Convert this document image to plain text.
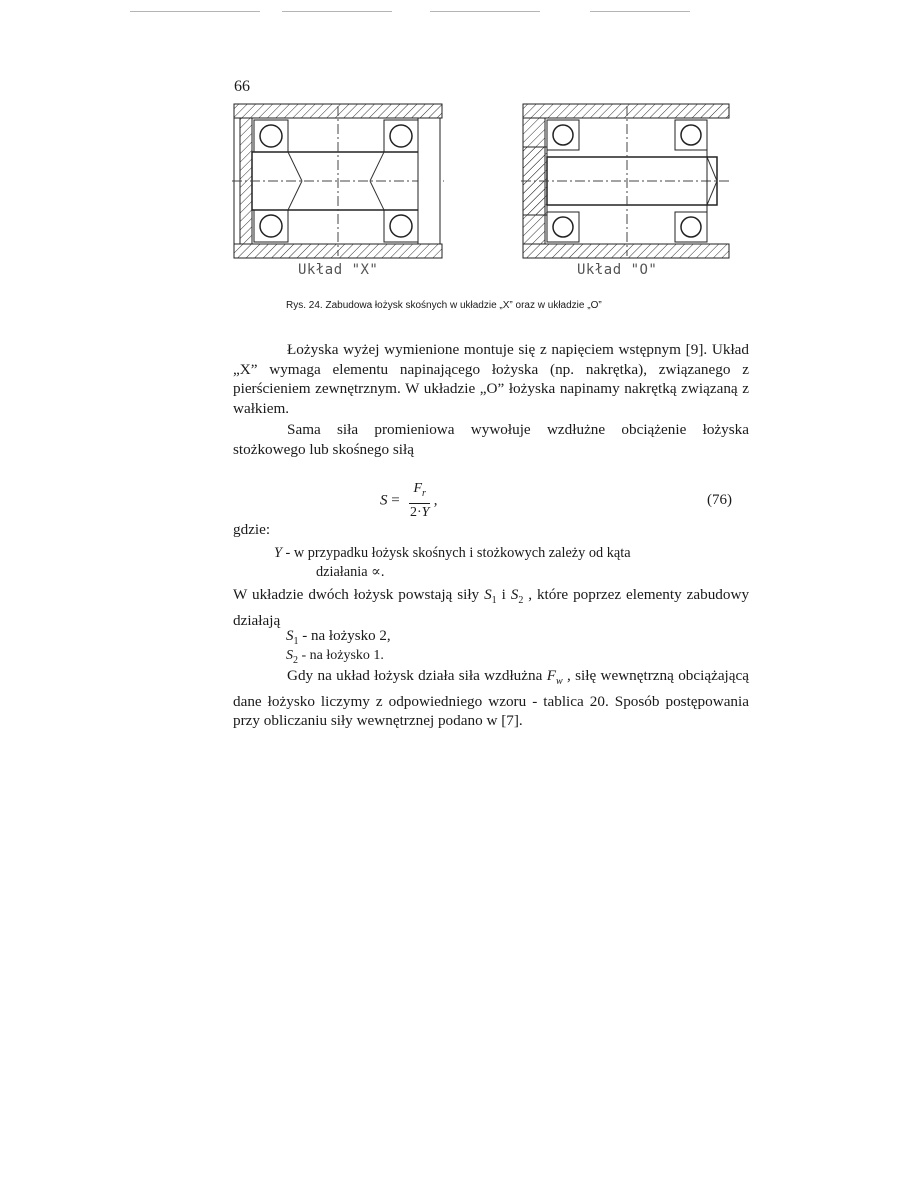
66
Układ "X"	Układ "O"
Rys. 24. Zabudowa łożysk skośnych w układzie „X” oraz w układzie „O”
Łożyska wyżej wymienione montuje się z napięciem wstępnym [9]. Układ „X” wymaga elementu napinającego łożyska (np. nakrętka), związanego z pierścieniem zewnętrznym. W układzie „O” łożyska napinamy nakrętką związaną z wałkiem.
Sama siła promieniowa wywołuje wzdłużne obciążenie łożyska stożkowego lub skośnego siłą
$S = \frac{F_r}{2\cdot Y}$ ,	(76)
gdzie:
Y - w przypadku łożysk skośnych i stożkowych zależy od kąta
działania ∝.
W układzie dwóch łożysk powstają siły $S_1$ i $S_2$ , które poprzez elementy zabudowy działają
$S_1$ - na łożysko 2,
$S_2$ - na łożysko 1.
Gdy na układ łożysk działa siła wzdłużna $F_w$ , siłę wewnętrzną obciążającą dane łożysko liczymy z odpowiedniego wzoru - tablica 20. Sposób postępowania przy obliczaniu siły wewnętrznej podano w [7].
